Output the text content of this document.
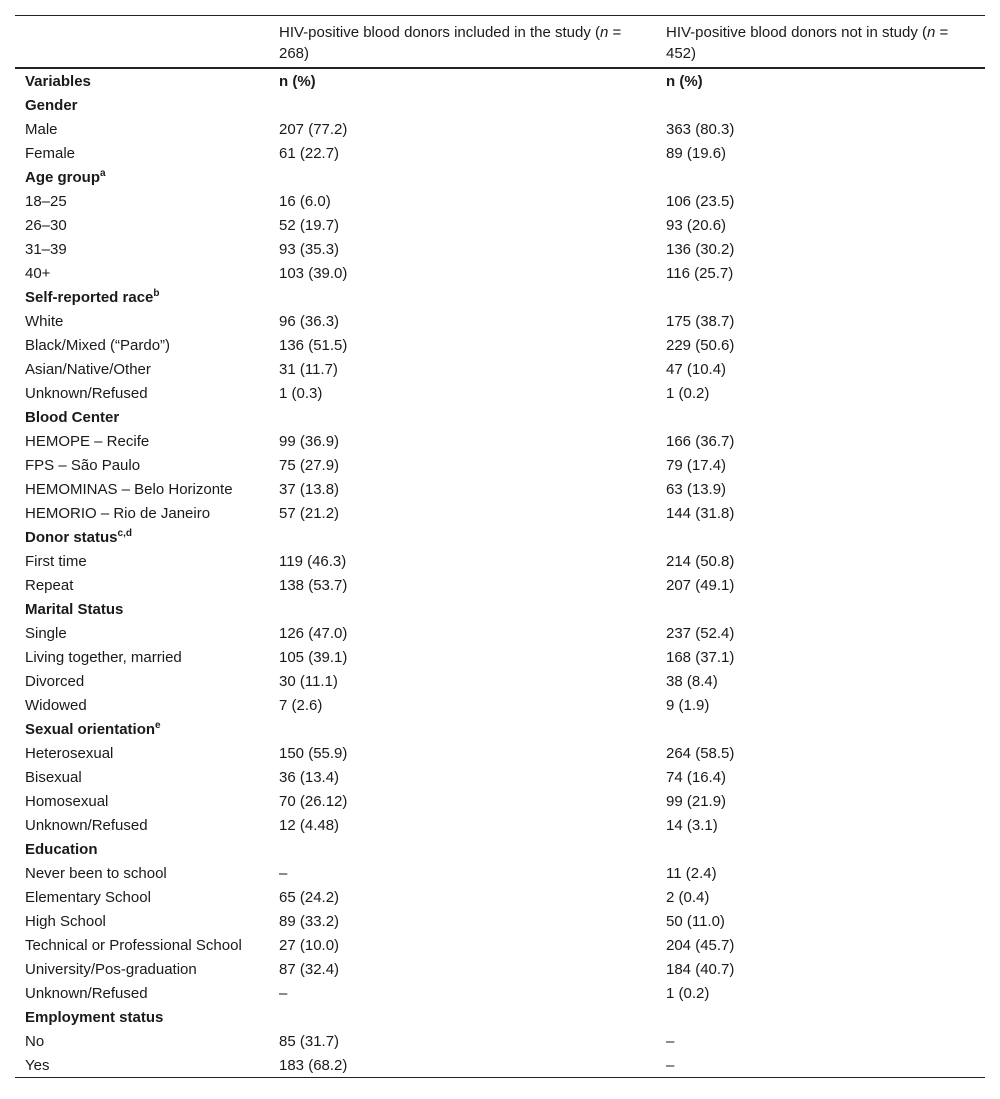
	HIV-positive blood donors included in the study (n = 268)	HIV-positive blood donors not in study (n = 452)
Variables	n (%)	n (%)
Gender		
Male	207 (77.2)	363 (80.3)
Female	61 (22.7)	89 (19.6)
Age group$^a$		
18–25	16 (6.0)	106 (23.5)
26–30	52 (19.7)	93 (20.6)
31–39	93 (35.3)	136 (30.2)
40+	103 (39.0)	116 (25.7)
Self-reported race$^b$		
White	96 (36.3)	175 (38.7)
Black/Mixed (“Pardo”)	136 (51.5)	229 (50.6)
Asian/Native/Other	31 (11.7)	47 (10.4)
Unknown/Refused	1 (0.3)	1 (0.2)
Blood Center		
HEMOPE – Recife	99 (36.9)	166 (36.7)
FPS – São Paulo	75 (27.9)	79 (17.4)
HEMOMINAS – Belo Horizonte	37 (13.8)	63 (13.9)
HEMORIO – Rio de Janeiro	57 (21.2)	144 (31.8)
Donor status$^{c,d}$		
First time	119 (46.3)	214 (50.8)
Repeat	138 (53.7)	207 (49.1)
Marital Status		
Single	126 (47.0)	237 (52.4)
Living together, married	105 (39.1)	168 (37.1)
Divorced	30 (11.1)	38 (8.4)
Widowed	7 (2.6)	9 (1.9)
Sexual orientation$^e$		
Heterosexual	150 (55.9)	264 (58.5)
Bisexual	36 (13.4)	74 (16.4)
Homosexual	70 (26.12)	99 (21.9)
Unknown/Refused	12 (4.48)	14 (3.1)
Education		
Never been to school	–	11 (2.4)
Elementary School	65 (24.2)	2 (0.4)
High School	89 (33.2)	50 (11.0)
Technical or Professional School	27 (10.0)	204 (45.7)
University/Pos-graduation	87 (32.4)	184 (40.7)
Unknown/Refused	–	1 (0.2)
Employment status		
No	85 (31.7)	–
Yes	183 (68.2)	–
